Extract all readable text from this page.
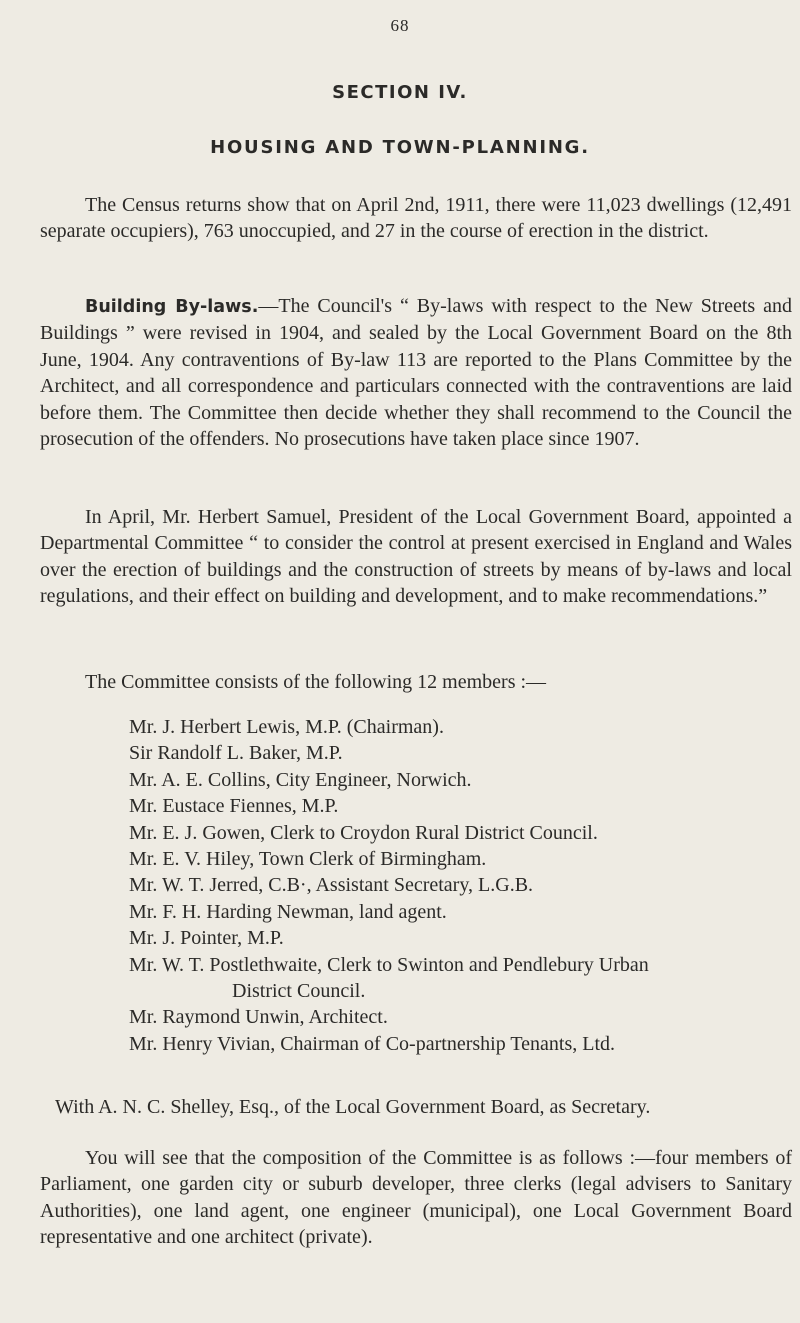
68
SECTION IV.
HOUSING AND TOWN-PLANNING.

The Census returns show that on April 2nd, 1911, there were 11,023 dwellings (12,491 separate occupiers), 763 unoccupied, and 27 in the course of erection in the district.

Building By-laws.—The Council's “ By-laws with respect to the New Streets and Buildings ” were revised in 1904, and sealed by the Local Government Board on the 8th June, 1904. Any contraventions of By-law 113 are reported to the Plans Committee by the Architect, and all correspondence and particulars connected with the contraventions are laid before them. The Committee then decide whether they shall recommend to the Council the prosecution of the offenders. No prosecutions have taken place since 1907.

In April, Mr. Herbert Samuel, President of the Local Government Board, appointed a Departmental Committee “ to consider the control at present exercised in England and Wales over the erection of buildings and the construction of streets by means of by-laws and local regulations, and their effect on building and development, and to make recommendations.”

The Committee consists of the following 12 members :—

Mr. J. Herbert Lewis, M.P. (Chairman).
Sir Randolf L. Baker, M.P.
Mr. A. E. Collins, City Engineer, Norwich.
Mr. Eustace Fiennes, M.P.
Mr. E. J. Gowen, Clerk to Croydon Rural District Council.
Mr. E. V. Hiley, Town Clerk of Birmingham.
Mr. W. T. Jerred, C.B·, Assistant Secretary, L.G.B.
Mr. F. H. Harding Newman, land agent.
Mr. J. Pointer, M.P.
Mr. W. T. Postlethwaite, Clerk to Swinton and Pendlebury Urban
District Council.
Mr. Raymond Unwin, Architect.
Mr. Henry Vivian, Chairman of Co-partnership Tenants, Ltd.

With A. N. C. Shelley, Esq., of the Local Government Board, as Secretary.

You will see that the composition of the Committee is as follows :—four members of Parliament, one garden city or suburb developer, three clerks (legal advisers to Sanitary Authorities), one land agent, one engineer (municipal), one Local Government Board representative and one architect (private).
